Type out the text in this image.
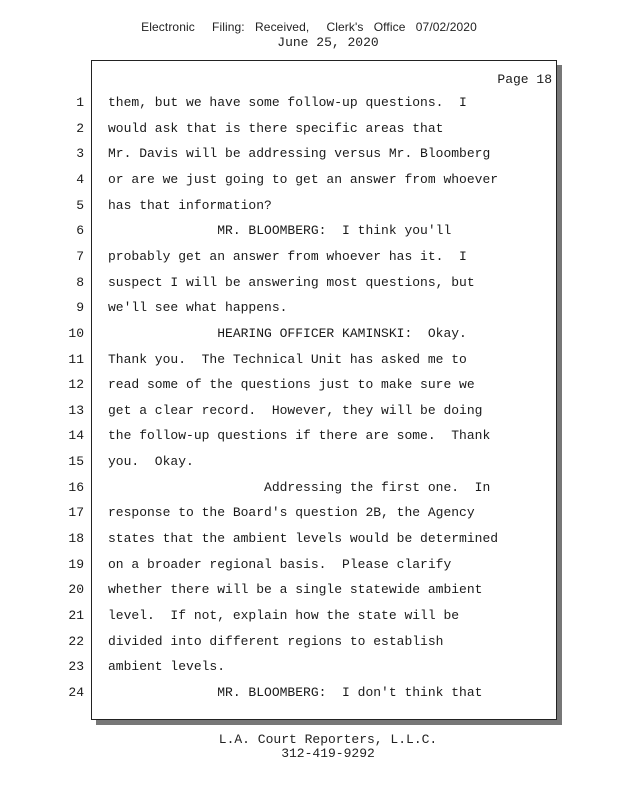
Electronic     Filing:   Received,     Clerk's   Office   07/02/2020
June 25, 2020
Page 18
1 them, but we have some follow-up questions.  I
2 would ask that is there specific areas that
3 Mr. Davis will be addressing versus Mr. Bloomberg
4 or are we just going to get an answer from whoever
5 has that information?
6 MR. BLOOMBERG:  I think you'll
7 probably get an answer from whoever has it.  I
8 suspect I will be answering most questions, but
9 we'll see what happens.
10 HEARING OFFICER KAMINSKI:  Okay.
11 Thank you.  The Technical Unit has asked me to
12 read some of the questions just to make sure we
13 get a clear record.  However, they will be doing
14 the follow-up questions if there are some.  Thank
15 you.  Okay.
16 Addressing the first one.  In
17 response to the Board's question 2B, the Agency
18 states that the ambient levels would be determined
19 on a broader regional basis.  Please clarify
20 whether there will be a single statewide ambient
21 level.  If not, explain how the state will be
22 divided into different regions to establish
23 ambient levels.
24 MR. BLOOMBERG:  I don't think that
L.A. Court Reporters, L.L.C.
312-419-9292
